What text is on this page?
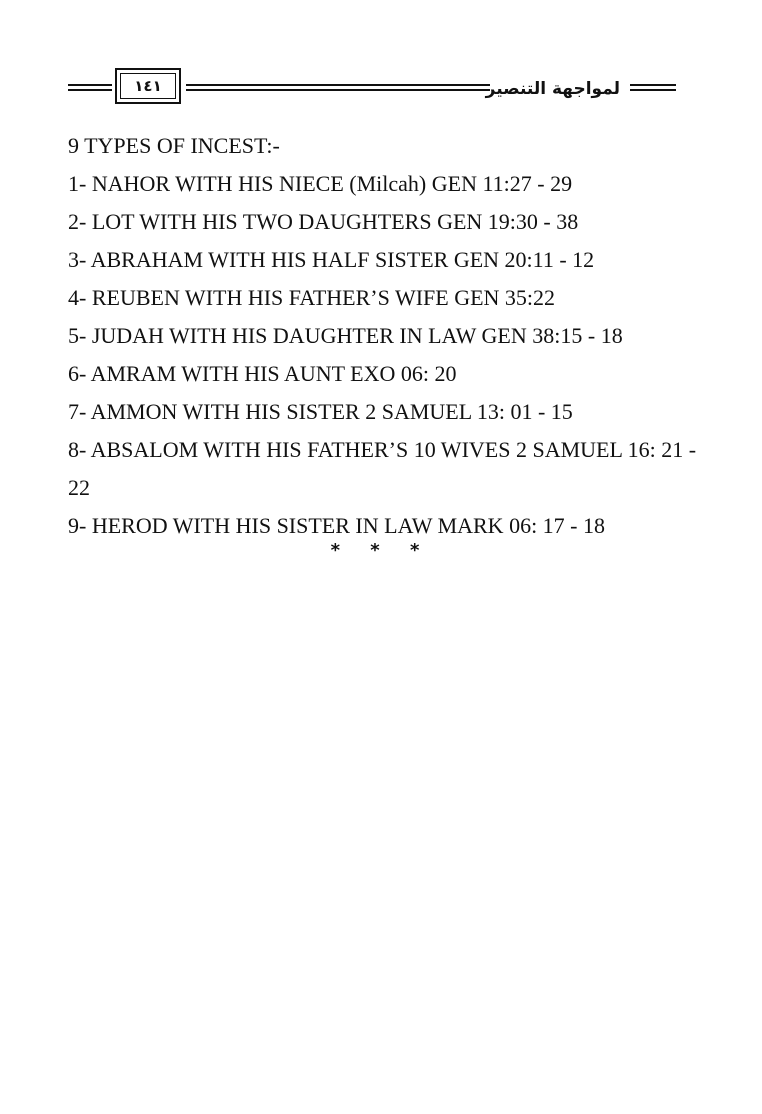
١٤١	لمواجهة التنصير

9 TYPES OF INCEST:-

1- NAHOR WITH HIS NIECE (Milcah) GEN 11:27 - 29

2- LOT WITH HIS TWO DAUGHTERS GEN 19:30 - 38

3- ABRAHAM WITH HIS HALF SISTER GEN 20:11 - 12

4- REUBEN WITH HIS FATHER’S WIFE GEN 35:22

5- JUDAH WITH HIS DAUGHTER IN LAW GEN 38:15 - 18

6- AMRAM WITH HIS AUNT EXO 06: 20

7- AMMON WITH HIS SISTER 2 SAMUEL 13: 01 - 15

8- ABSALOM WITH HIS FATHER’S 10 WIVES 2 SAMUEL 16: 21 - 22

9- HEROD WITH HIS SISTER IN LAW MARK 06: 17 - 18

* * *
